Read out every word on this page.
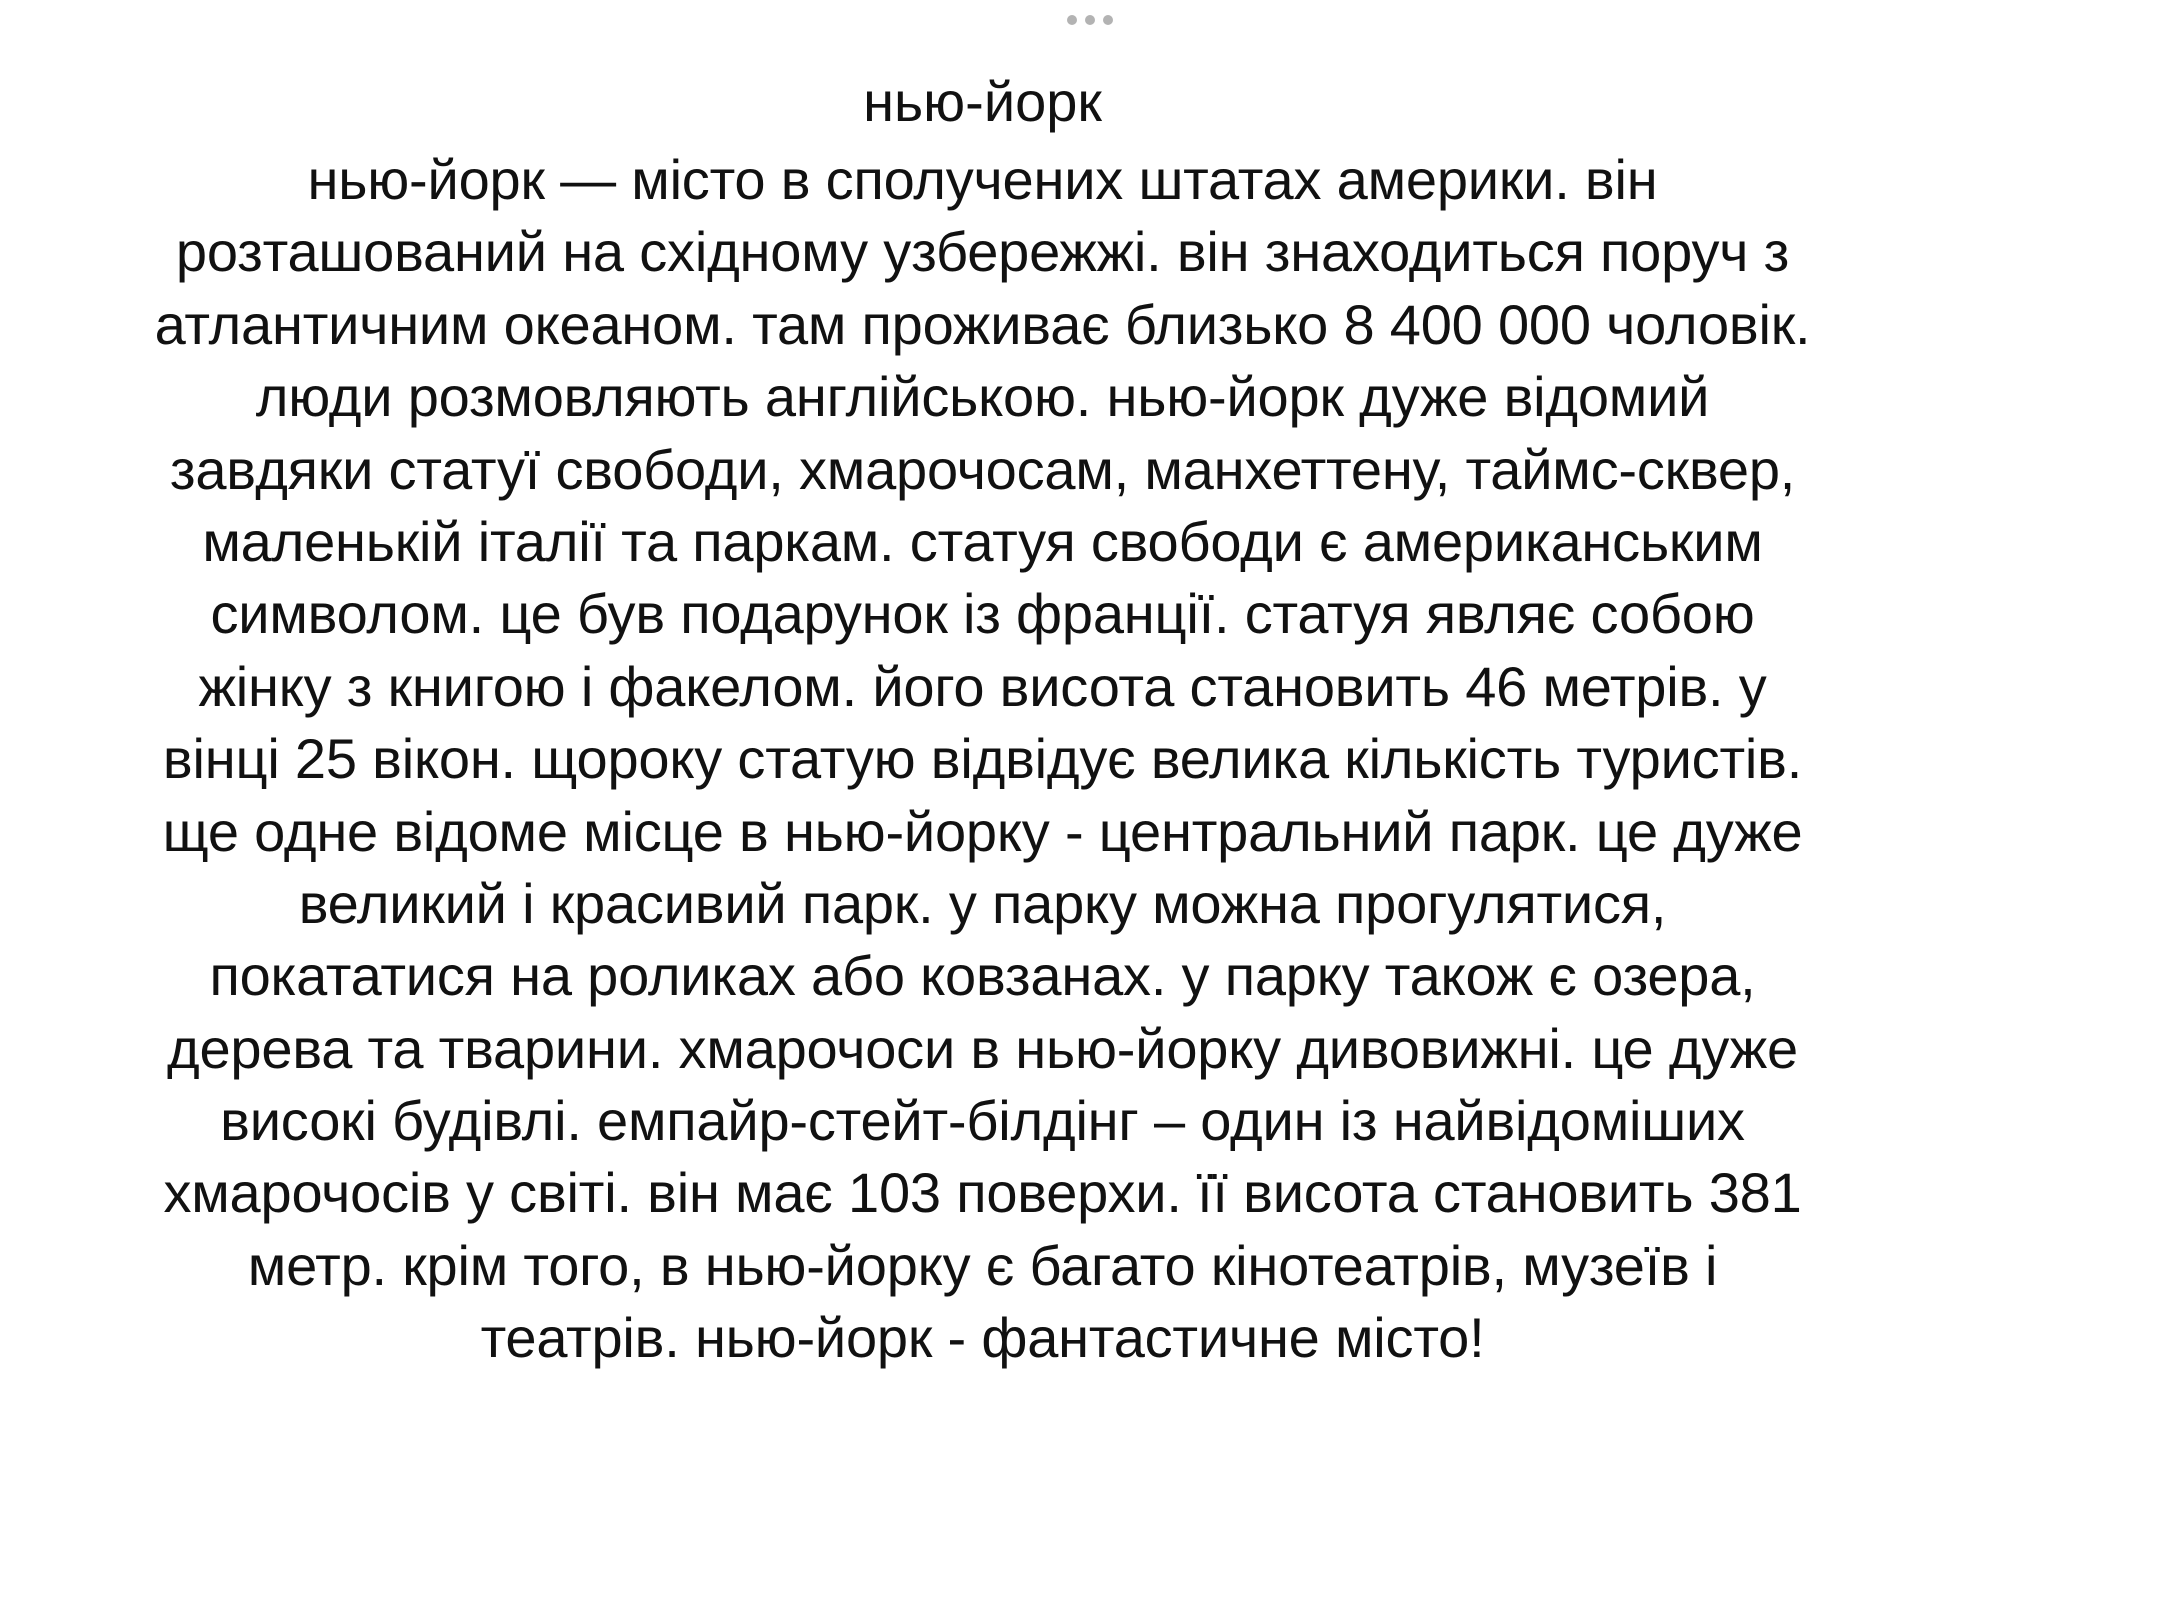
нью-йорк
нью-йорк — місто в сполучених штатах америки. він
розташований на східному узбережжі. він знаходиться поруч з
атлантичним океаном. там проживає близько 8 400 000 чоловік.
люди розмовляють англійською. нью-йорк дуже відомий
завдяки статуї свободи, хмарочосам, манхеттену, таймс-сквер,
маленькій італії та паркам. статуя свободи є американським
символом. це був подарунок із франції. статуя являє собою
жінку з книгою і факелом. його висота становить 46 метрів. у
вінці 25 вікон. щороку статую відвідує велика кількість туристів.
ще одне відоме місце в нью-йорку - центральний парк. це дуже
великий і красивий парк. у парку можна прогулятися,
покататися на роликах або ковзанах. у парку також є озера,
дерева та тварини. хмарочоси в нью-йорку дивовижні. це дуже
високі будівлі. емпайр-стейт-білдінг – один із найвідоміших
хмарочосів у світі. він має 103 поверхи. її висота становить 381
метр. крім того, в нью-йорку є багато кінотеатрів, музеїв і
театрів. нью-йорк - фантастичне місто!
